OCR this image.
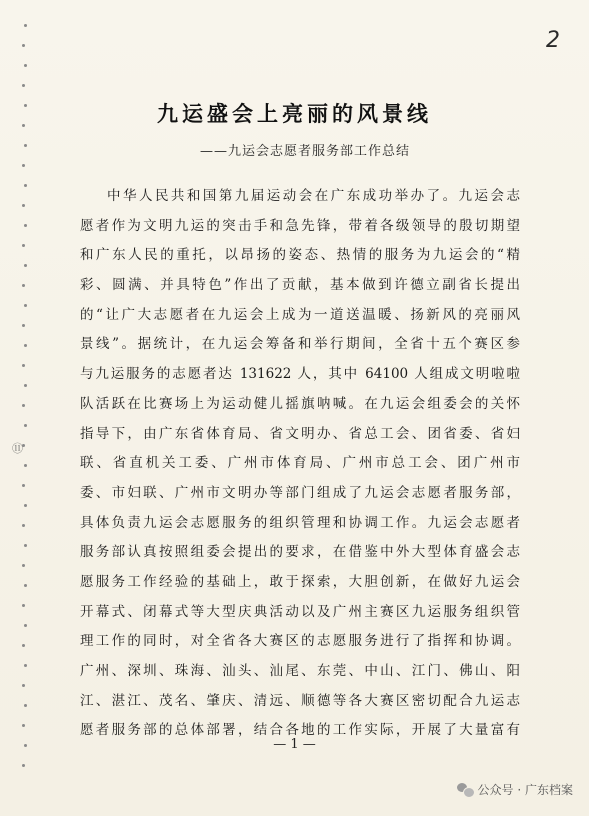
2
⑪
九运盛会上亮丽的风景线
——九运会志愿者服务部工作总结
中华人民共和国第九届运动会在广东成功举办了。九运会志
愿者作为文明九运的突击手和急先锋，带着各级领导的殷切期望
和广东人民的重托，以昂扬的姿态、热情的服务为九运会的“精
彩、圆满、并具特色”作出了贡献，基本做到许德立副省长提出
的“让广大志愿者在九运会上成为一道送温暖、扬新风的亮丽风
景线”。据统计，在九运会筹备和举行期间，全省十五个赛区参
与九运服务的志愿者达 131622 人，其中 64100 人组成文明啦啦
队活跃在比赛场上为运动健儿摇旗呐喊。在九运会组委会的关怀
指导下，由广东省体育局、省文明办、省总工会、团省委、省妇
联、省直机关工委、广州市体育局、广州市总工会、团广州市
委、市妇联、广州市文明办等部门组成了九运会志愿者服务部，
具体负责九运会志愿服务的组织管理和协调工作。九运会志愿者
服务部认真按照组委会提出的要求，在借鉴中外大型体育盛会志
愿服务工作经验的基础上，敢于探索，大胆创新，在做好九运会
开幕式、闭幕式等大型庆典活动以及广州主赛区九运服务组织管
理工作的同时，对全省各大赛区的志愿服务进行了指挥和协调。
广州、深圳、珠海、汕头、汕尾、东莞、中山、江门、佛山、阳
江、湛江、茂名、肇庆、清远、顺德等各大赛区密切配合九运志
愿者服务部的总体部署，结合各地的工作实际，开展了大量富有
— 1 —
公众号 · 广东档案
